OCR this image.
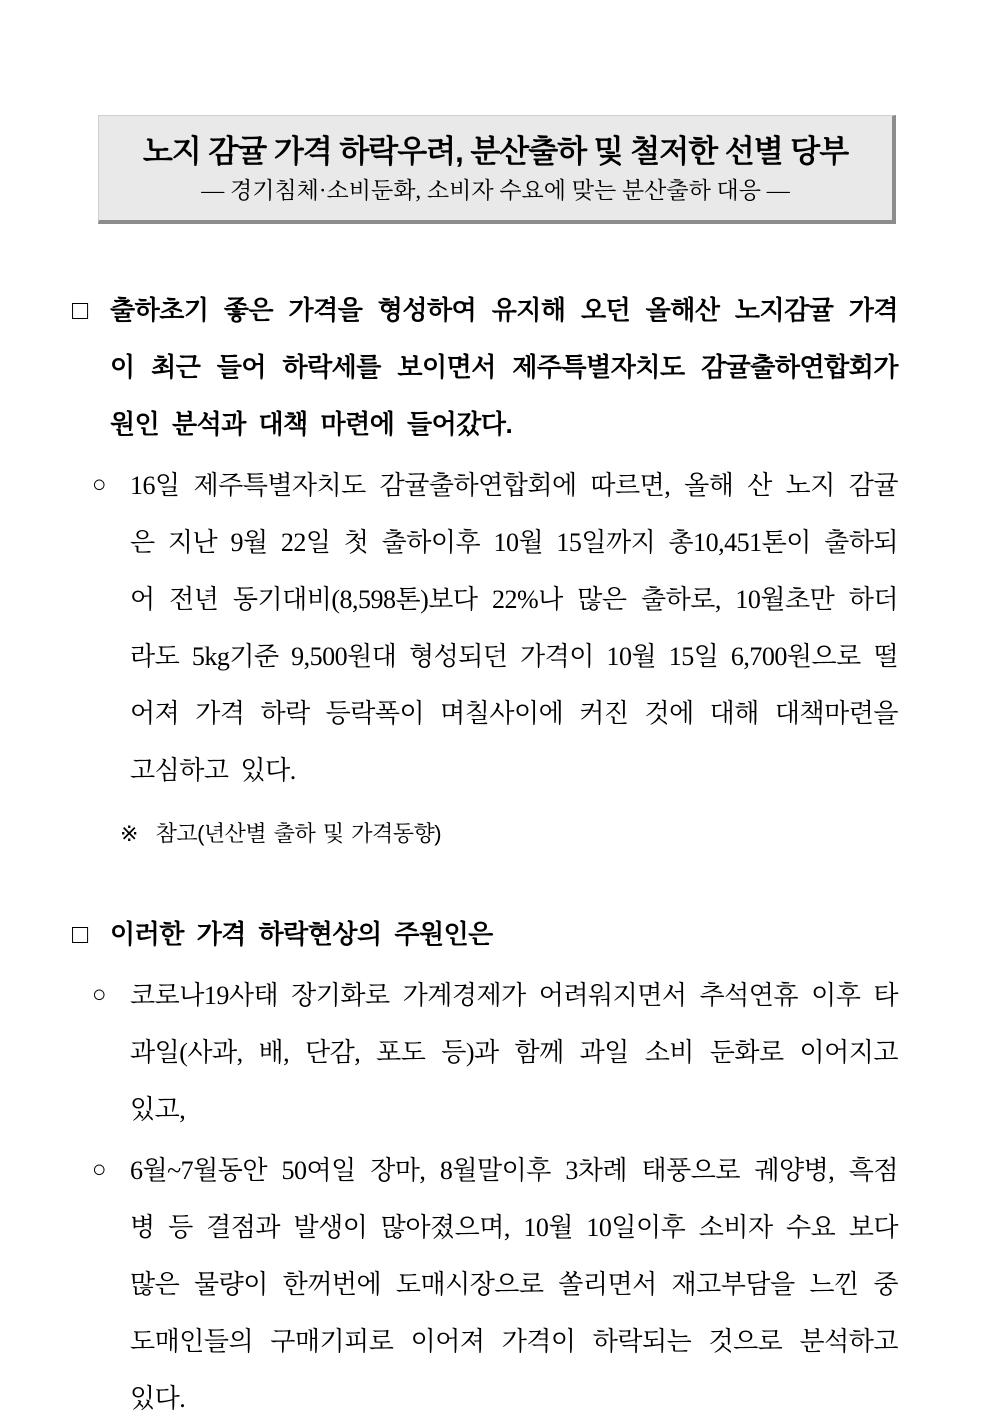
노지 감귤 가격 하락우려, 분산출하 및 철저한 선별 당부
― 경기침체·소비둔화, 소비자 수요에 맞는 분산출하 대응 ―
□ 출하초기 좋은 가격을 형성하여 유지해 오던 올해산 노지감귤 가격이 최근 들어 하락세를 보이면서 제주특별자치도 감귤출하연합회가 원인 분석과 대책 마련에 들어갔다.
○ 16일 제주특별자치도 감귤출하연합회에 따르면, 올해 산 노지 감귤은 지난 9월 22일 첫 출하이후 10월 15일까지 총10,451톤이 출하되어 전년 동기대비(8,598톤)보다 22%나 많은 출하로, 10월초만 하더라도 5kg기준 9,500원대 형성되던 가격이 10월 15일 6,700원으로 떨어져 가격 하락 등락폭이 며칠사이에 커진 것에 대해 대책마련을 고심하고 있다.
※ 참고(년산별 출하 및 가격동향)
□ 이러한 가격 하락현상의 주원인은
○ 코로나19사태 장기화로 가계경제가 어려워지면서 추석연휴 이후 타 과일(사과, 배, 단감, 포도 등)과 함께 과일 소비 둔화로 이어지고 있고,
○ 6월~7월동안 50여일 장마, 8월말이후 3차례 태풍으로 궤양병, 흑점병 등 결점과 발생이 많아졌으며, 10월 10일이후 소비자 수요 보다 많은 물량이 한꺼번에 도매시장으로 쏠리면서 재고부담을 느낀 중도매인들의 구매기피로 이어져 가격이 하락되는 것으로 분석하고 있다.
